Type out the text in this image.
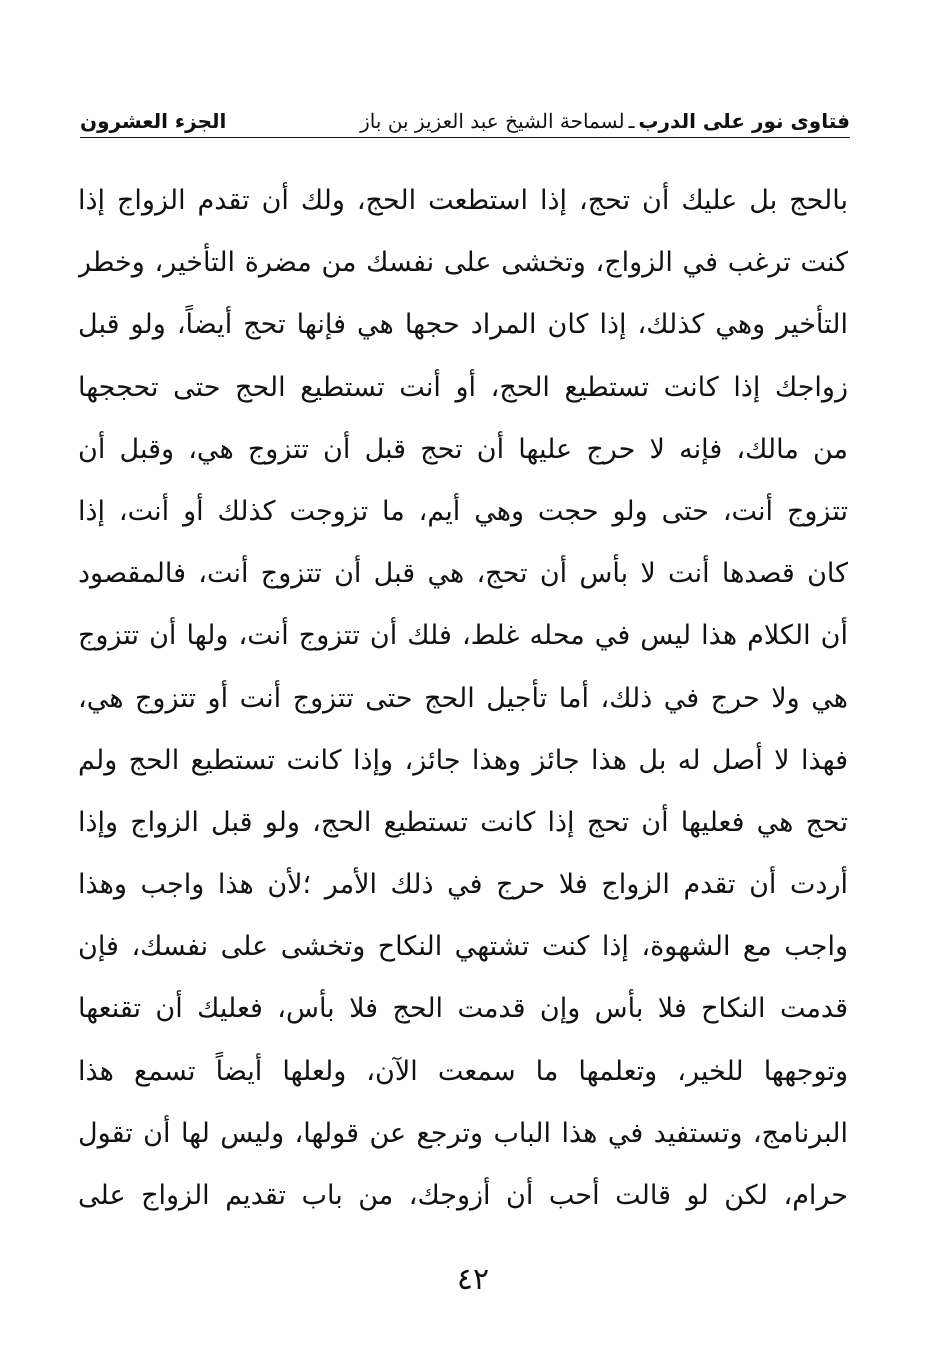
فتاوى نور على الدرب
ـ
لسماحة الشيخ عبد العزيز بن باز
الجزء العشرون
بالحج بل عليك أن تحج، إذا استطعت الحج، ولك أن تقدم الزواج إذا
كنت ترغب في الزواج، وتخشى على نفسك من مضرة التأخير، وخطر
التأخير وهي كذلك، إذا كان المراد حجها هي فإنها تحج أيضاً، ولو قبل
زواجك إذا كانت تستطيع الحج، أو أنت تستطيع الحج حتى تحججها
من مالك، فإنه لا حرج عليها أن تحج قبل أن تتزوج هي، وقبل أن
تتزوج أنت، حتى ولو حجت وهي أيم، ما تزوجت كذلك أو أنت، إذا
كان قصدها أنت لا بأس أن تحج، هي قبل أن تتزوج أنت، فالمقصود
أن الكلام هذا ليس في محله غلط، فلك أن تتزوج أنت، ولها أن تتزوج
هي ولا حرج في ذلك، أما تأجيل الحج حتى تتزوج أنت أو تتزوج هي،
فهذا لا أصل له بل هذا جائز وهذا جائز، وإذا كانت تستطيع الحج ولم
تحج هي فعليها أن تحج إذا كانت تستطيع الحج، ولو قبل الزواج وإذا
أردت أن تقدم الزواج فلا حرج في ذلك الأمر ؛لأن هذا واجب وهذا
واجب مع الشهوة، إذا كنت تشتهي النكاح وتخشى على نفسك، فإن
قدمت النكاح فلا بأس وإن قدمت الحج فلا بأس، فعليك أن تقنعها
وتوجهها للخير، وتعلمها ما سمعت الآن، ولعلها أيضاً تسمع هذا
البرنامج، وتستفيد في هذا الباب وترجع عن قولها، وليس لها أن تقول
حرام، لكن لو قالت أحب أن أزوجك، من باب تقديم الزواج على
٤٢
